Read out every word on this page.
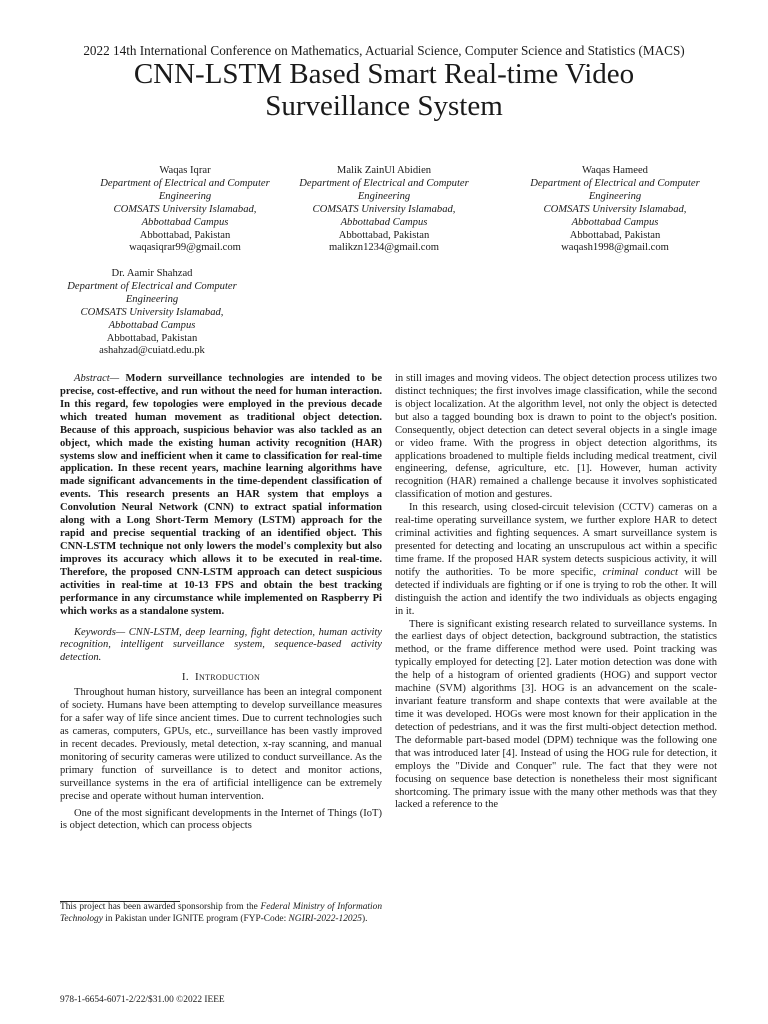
2022 14th International Conference on Mathematics, Actuarial Science, Computer Science and Statistics (MACS)
CNN-LSTM Based Smart Real-time Video
Surveillance System
Waqas Iqrar
Department of Electrical and Computer
Engineering
COMSATS University Islamabad,
Abbottabad Campus
Abbottabad, Pakistan
waqasiqrar99@gmail.com
Malik ZainUl Abidien
Department of Electrical and Computer
Engineering
COMSATS University Islamabad,
Abbottabad Campus
Abbottabad, Pakistan
malikzn1234@gmail.com
Waqas Hameed
Department of Electrical and Computer
Engineering
COMSATS University Islamabad,
Abbottabad Campus
Abbottabad, Pakistan
waqash1998@gmail.com
Dr. Aamir Shahzad
Department of Electrical and Computer
Engineering
COMSATS University Islamabad,
Abbottabad Campus
Abbottabad, Pakistan
ashahzad@cuiatd.edu.pk

Abstract— Modern surveillance technologies are intended to be precise, cost-effective, and run without the need for human interaction. In this regard, few topologies were employed in the previous decade which treated human movement as traditional object detection. Because of this approach, suspicious behavior was also tackled as an object, which made the existing human activity recognition (HAR) systems slow and inefficient when it came to classification for real-time application. In these recent years, machine learning algorithms have made significant advancements in the time-dependent classification of events. This research presents an HAR system that employs a Convolution Neural Network (CNN) to extract spatial information along with a Long Short-Term Memory (LSTM) approach for the rapid and precise sequential tracking of an identified object. This CNN-LSTM technique not only lowers the model's complexity but also improves its accuracy which allows it to be executed in real-time. Therefore, the proposed CNN-LSTM approach can detect suspicious activities in real-time at 10-13 FPS and obtain the best tracking performance in any circumstance while implemented on Raspberry Pi which works as a standalone system.

Keywords— CNN-LSTM, deep learning, fight detection, human activity recognition, intelligent surveillance system, sequence-based activity detection.

I. Introduction

Throughout human history, surveillance has been an integral component of society. Humans have been attempting to develop surveillance measures for a safer way of life since ancient times. Due to current technologies such as cameras, computers, GPUs, etc., surveillance has been vastly improved in recent decades. Previously, metal detection, x-ray scanning, and manual monitoring of security cameras were utilized to conduct surveillance. As the primary function of surveillance is to detect and monitor actions, surveillance systems in the era of artificial intelligence can be extremely precise and operate without human intervention.

One of the most significant developments in the Internet of Things (IoT) is object detection, which can process objects

This project has been awarded sponsorship from the Federal Ministry of Information Technology in Pakistan under IGNITE program (FYP-Code: NGIRI-2022-12025).
978-1-6654-6071-2/22/$31.00 ©2022 IEEE

in still images and moving videos. The object detection process utilizes two distinct techniques; the first involves image classification, while the second is object localization. At the algorithm level, not only the object is detected but also a tagged bounding box is drawn to point to the object's position. Consequently, object detection can detect several objects in a single image or video frame. With the progress in object detection algorithms, its applications broadened to multiple fields including medical treatment, civil engineering, defense, agriculture, etc. [1]. However, human activity recognition (HAR) remained a challenge because it involves sophisticated classification of motion and gestures.

In this research, using closed-circuit television (CCTV) cameras on a real-time operating surveillance system, we further explore HAR to detect criminal activities and fighting sequences. A smart surveillance system is presented for detecting and locating an unscrupulous act within a specific time frame. If the proposed HAR system detects suspicious activity, it will notify the authorities. To be more specific, criminal conduct will be detected if individuals are fighting or if one is trying to rob the other. It will distinguish the action and identify the two individuals as objects engaging in it.

There is significant existing research related to surveillance systems. In the earliest days of object detection, background subtraction, the statistics method, or the frame difference method were used. Point tracking was typically employed for detecting [2]. Later motion detection was done with the help of a histogram of oriented gradients (HOG) and support vector machine (SVM) algorithms [3]. HOG is an advancement on the scale-invariant feature transform and shape contexts that were available at the time it was developed. HOGs were most known for their application in the detection of pedestrians, and it was the first multi-object detection method. The deformable part-based model (DPM) technique was the following one that was introduced later [4]. Instead of using the HOG rule for detection, it employs the "Divide and Conquer" rule. The fact that they were not focusing on sequence base detection is nonetheless their most significant shortcoming. The primary issue with the many other methods was that they lacked a reference to the
